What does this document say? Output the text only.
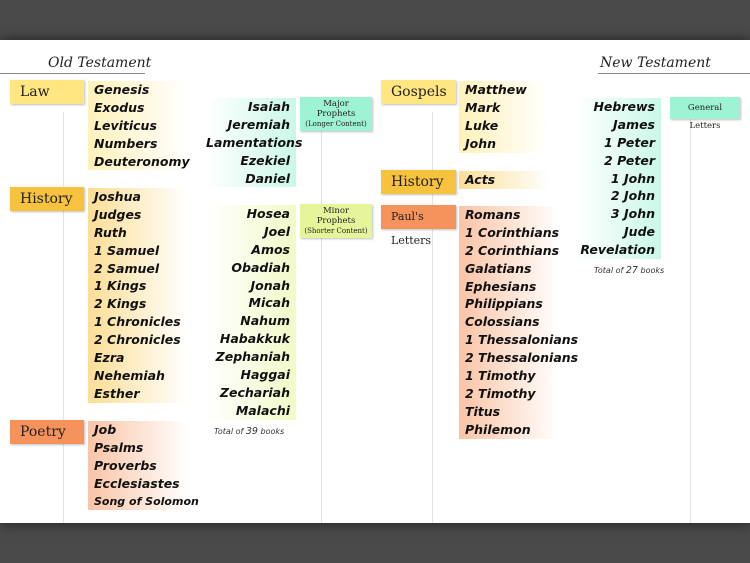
Old Testament	New Testament
Law
History
Poetry
Gospels
History
Paul's Letters
Genesis
Exodus
Leviticus
Numbers
Deuteronomy
Joshua
Judges
Ruth
1 Samuel
2 Samuel
1 Kings
2 Kings
1 Chronicles
2 Chronicles
Ezra
Nehemiah
Esther
Job
Psalms
Proverbs
Ecclesiastes
Song of Solomon
Isaiah
Jeremiah
Lamentations
Ezekiel
Daniel
Hosea
Joel
Amos
Obadiah
Jonah
Micah
Nahum
Habakkuk
Zephaniah
Haggai
Zechariah
Malachi
Matthew
Mark
Luke
John
Acts
Romans
1 Corinthians
2 Corinthians
Galatians
Ephesians
Philippians
Colossians
1 Thessalonians
2 Thessalonians
1 Timothy
2 Timothy
Titus
Philemon
Hebrews
James
1 Peter
2 Peter
1 John
2 John
3 John
Jude
Revelation
Major Prophets
(Longer Content)
Minor Prophets
(Shorter Content)
General Letters
Total of 39 books
Total of 27 books
